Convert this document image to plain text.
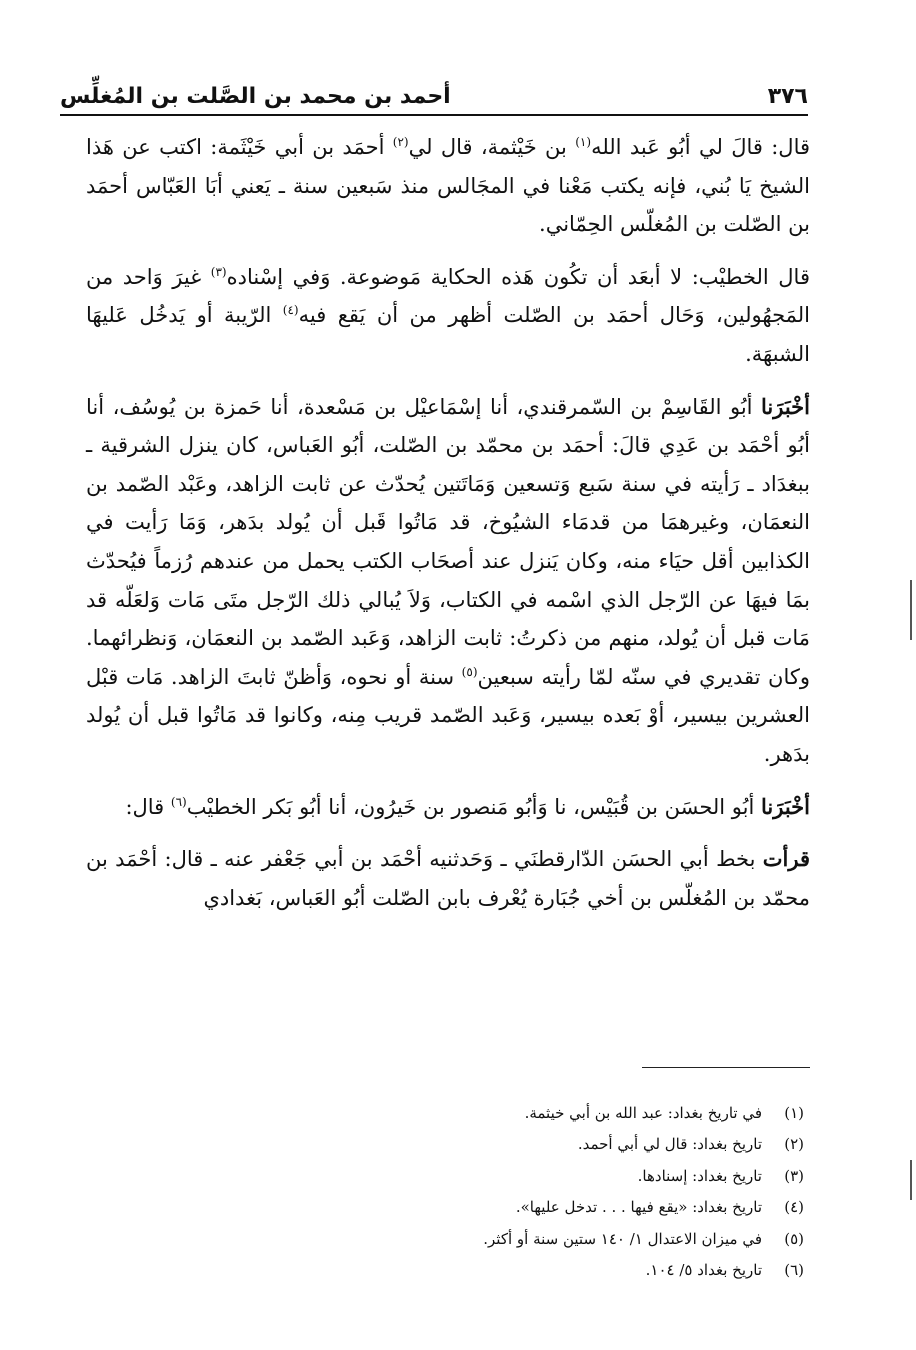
٣٧٦
أحمد بن محمد بن الصَّلت بن المُغلِّس

قال: قالَ لي أبُو عَبد الله$^{(١)}$ بن خَيْثمة، قال لي$^{(٢)}$ أحمَد بن أبي خَيْثَمة: اكتب عن هَذا الشيخ يَا بُني، فإنه يكتب مَعْنا في المجَالس منذ سَبعين سنة ـ يَعني أبَا العَبّاس أحمَد بن الصّلت بن المُغلّس الحِمّاني.

قال الخطيْب: لا أبعَد أن تكُون هَذه الحكاية مَوضوعة. وَفي إسْناده$^{(٣)}$ غيرَ وَاحد من المَجهُولين، وَحَال أحمَد بن الصّلت أظهر من أن يَقع فيه$^{(٤)}$ الرّيبة أو يَدخُل عَليهَا الشبهَة.

أخْبَرَنا أبُو القَاسِمْ بن السّمرقندي، أنا إسْمَاعيْل بن مَسْعدة، أنا حَمزة بن يُوسُف، أنا أبُو أحْمَد بن عَدِي قالَ: أحمَد بن محمّد بن الصّلت، أبُو العَباس، كان ينزل الشرقية ـ ببغدَاد ـ رَأيته في سنة سَبع وَتسعين وَمَاتَتين يُحدّث عن ثابت الزاهد، وعَبْد الصّمد بن النعمَان، وغيرهمَا من قدمَاء الشيُوخ، قد مَاتُوا قَبل أن يُولد بدَهر، وَمَا رَأيت في الكذابين أقل حيَاء منه، وكان يَنزل عند أصحَاب الكتب يحمل من عندهم رُزماً فيُحدّث بمَا فيهَا عن الرّجل الذي اسْمه في الكتاب، وَلاَ يُبالي ذلك الرّجل متَى مَات وَلعَلّه قد مَات قبل أن يُولد، منهم من ذكرتُ: ثابت الزاهد، وَعَبد الصّمد بن النعمَان، وَنظرائهما. وكان تقديري في سنّه لمّا رأيته سبعين$^{(٥)}$ سنة أو نحوه، وَأظنّ ثابتَ الزاهد. مَات قبْل العشرين بيسير، أوْ بَعده بيسير، وَعَبد الصّمد قريب مِنه، وكانوا قد مَاتُوا قبل أن يُولد بدَهر.

أخْبَرَنا أبُو الحسَن بن قُبَيْس، نا وَأبُو مَنصور بن خَيرُون، أنا أبُو بَكر الخطيْب$^{(٦)}$ قال:

قرأت بخط أبي الحسَن الدّارقطنَي ـ وَحَدثنيه أحْمَد بن أبي جَعْفر عنه ـ قال: أحْمَد بن محمّد بن المُغلّس بن أخي جُبَارة يُعْرف بابن الصّلت أبُو العَباس، بَغدادي

(١)
في تاريخ بغداد: عبد الله بن أبي خيثمة.
(٢)
تاريخ بغداد: قال لي أبي أحمد.
(٣)
تاريخ بغداد: إسنادها.
(٤)
تاريخ بغداد: «يقع فيها . . . تدخل عليها».
(٥)
في ميزان الاعتدال ١/ ١٤٠ ستين سنة أو أكثر.
(٦)
تاريخ بغداد ٥/ ١٠٤.
